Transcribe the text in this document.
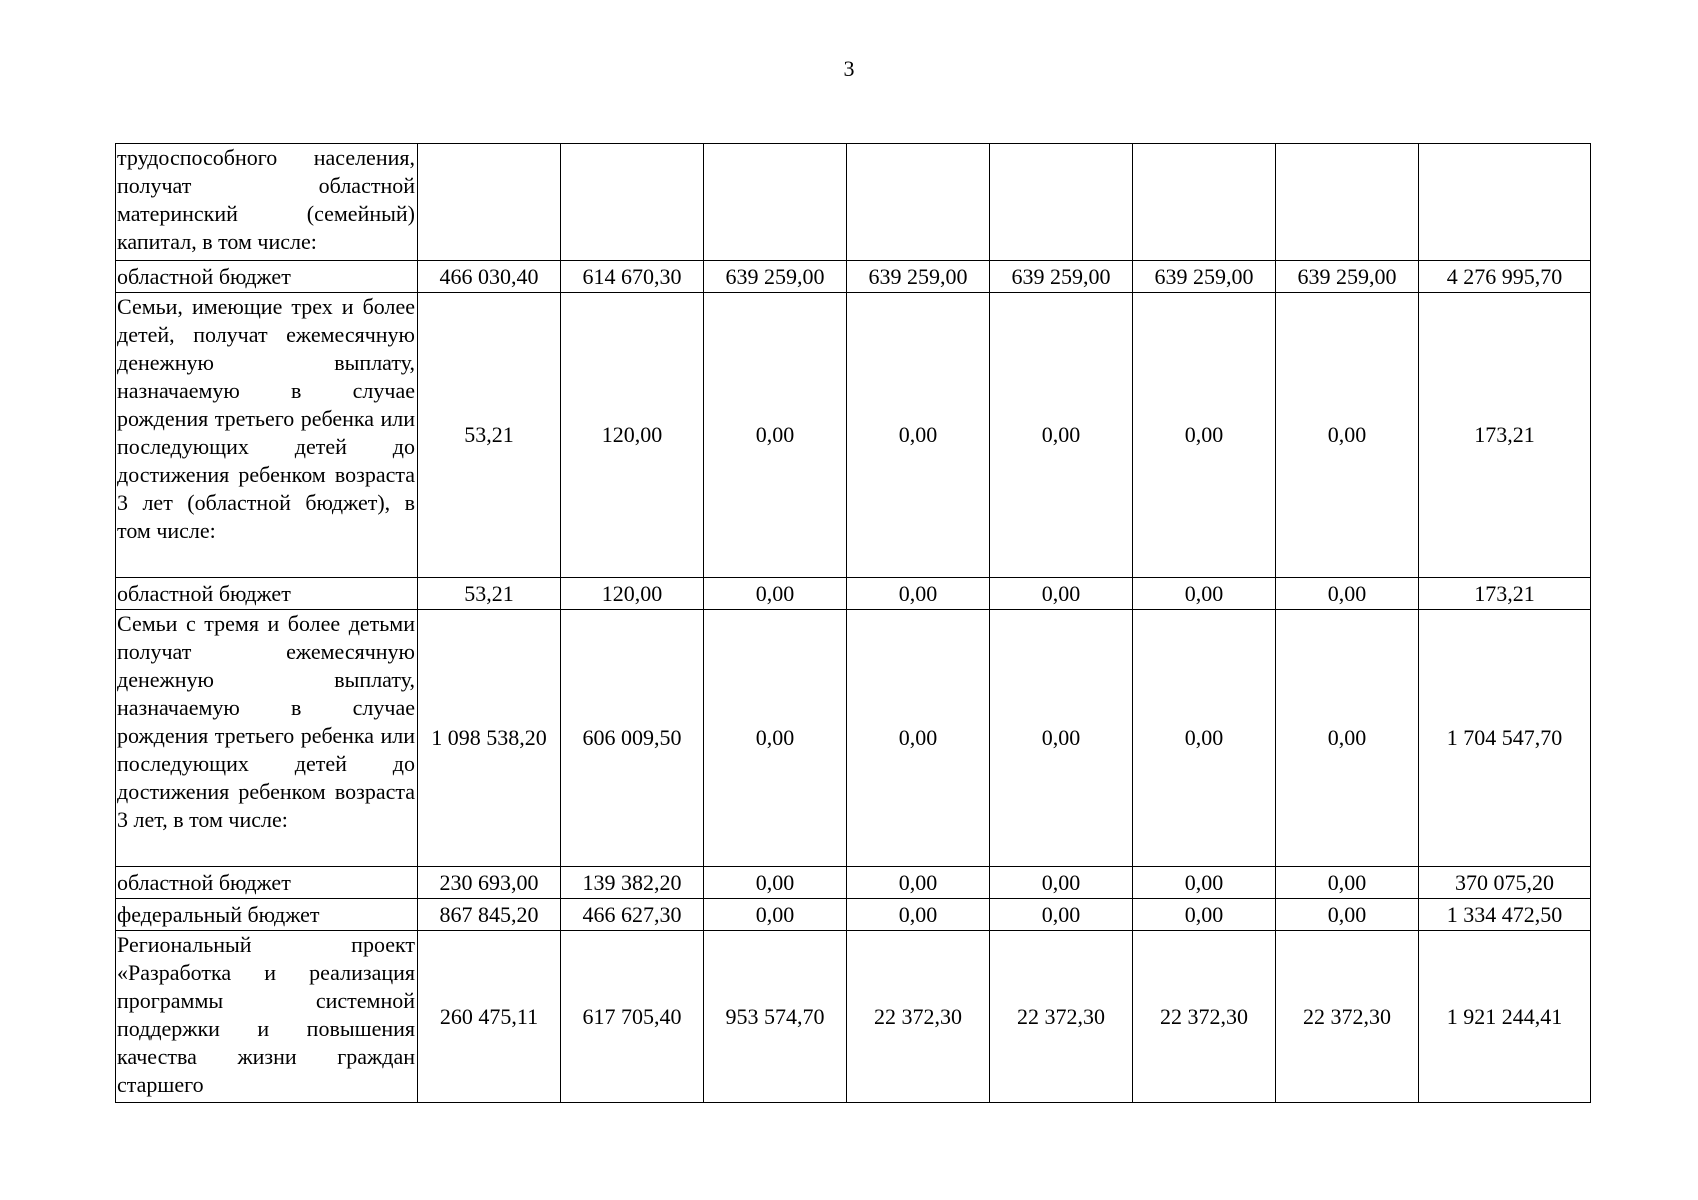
3
трудоспособного населения, получат областной материнский (семейный) капитал, в том числе:								
областной бюджет	466 030,40	614 670,30	639 259,00	639 259,00	639 259,00	639 259,00	639 259,00	4 276 995,70
Семьи, имеющие трех и более детей, получат ежемесячную денежную выплату, назначаемую в случае рождения третьего ребенка или последующих детей до достижения ребенком возраста 3 лет (областной бюджет), в том числе:	53,21	120,00	0,00	0,00	0,00	0,00	0,00	173,21
областной бюджет	53,21	120,00	0,00	0,00	0,00	0,00	0,00	173,21
Семьи с тремя и более детьми получат ежемесячную денежную выплату, назначаемую в случае рождения третьего ребенка или последующих детей до достижения ребенком возраста 3 лет, в том числе:	1 098 538,20	606 009,50	0,00	0,00	0,00	0,00	0,00	1 704 547,70
областной бюджет	230 693,00	139 382,20	0,00	0,00	0,00	0,00	0,00	370 075,20
федеральный бюджет	867 845,20	466 627,30	0,00	0,00	0,00	0,00	0,00	1 334 472,50
Региональный проект «Разработка и реализация программы системной поддержки и повышения качества жизни граждан старшего	260 475,11	617 705,40	953 574,70	22 372,30	22 372,30	22 372,30	22 372,30	1 921 244,41
